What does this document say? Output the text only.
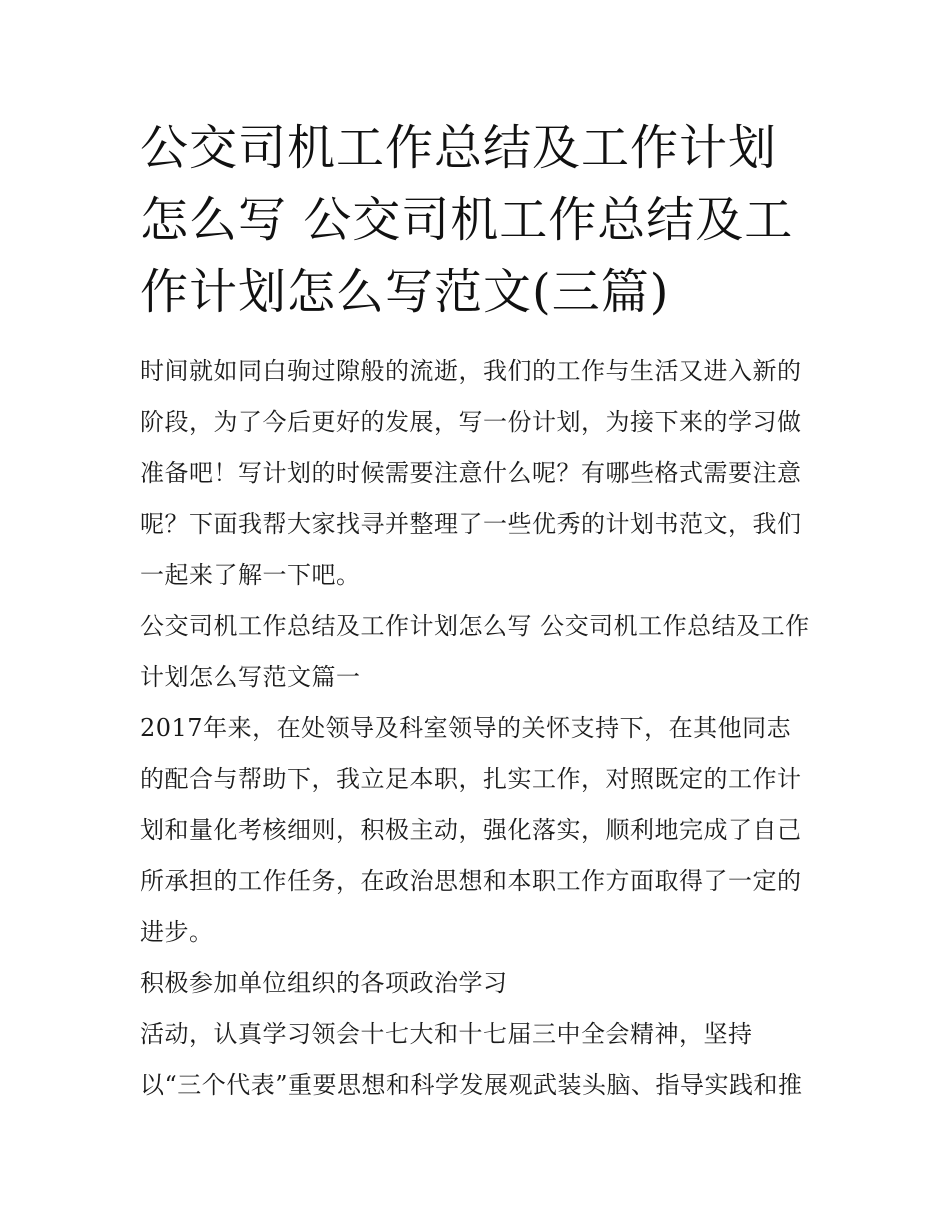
公交司机工作总结及工作计划怎么写 公交司机工作总结及工作计划怎么写范文(三篇)

时间就如同白驹过隙般的流逝，我们的工作与生活又进入新的阶段，为了今后更好的发展，写一份计划，为接下来的学习做准备吧！写计划的时候需要注意什么呢？有哪些格式需要注意呢？下面我帮大家找寻并整理了一些优秀的计划书范文，我们一起来了解一下吧。

公交司机工作总结及工作计划怎么写 公交司机工作总结及工作计划怎么写范文篇一

2017年来，在处领导及科室领导的关怀支持下，在其他同志的配合与帮助下，我立足本职，扎实工作，对照既定的工作计划和量化考核细则，积极主动，强化落实，顺利地完成了自己所承担的工作任务，在政治思想和本职工作方面取得了一定的进步。

积极参加单位组织的各项政治学习

活动，认真学习领会十七大和十七届三中全会精神，坚持以“三个代表”重要思想和科学发展观武装头脑、指导实践和推
